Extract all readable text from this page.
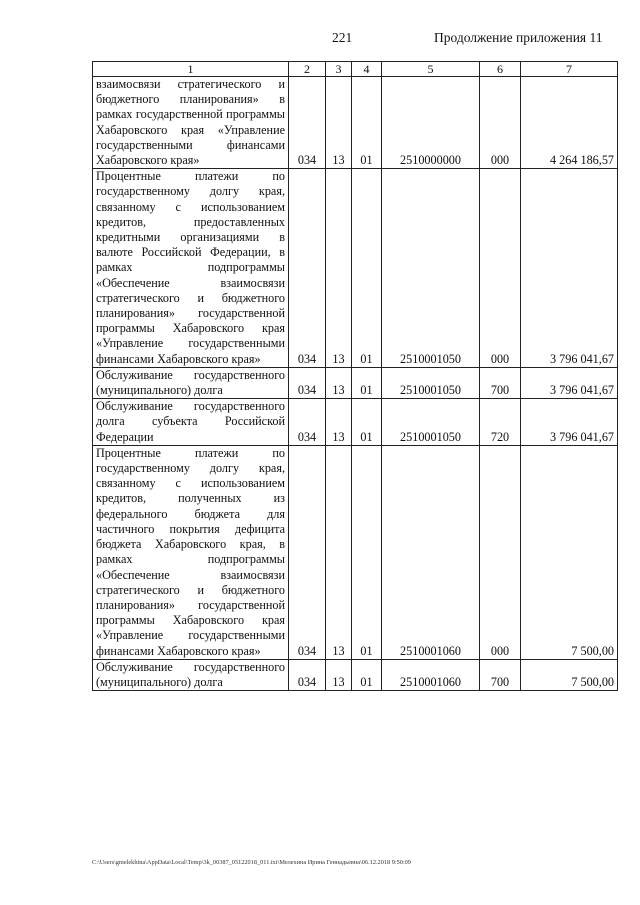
221	Продолжение приложения 11
1	2	3	4	5	6	7
взаимосвязи стратегического и бюджетного планирования» в рамках государственной программы Хабаровского края «Управление государственными финансами Хабаровского края»	034	13	01	2510000000	000	4 264 186,57
Процентные платежи по государственному долгу края, связанному с использованием кредитов, предоставленных кредитными организациями в валюте Российской Федерации, в рамках подпрограммы «Обеспечение взаимосвязи стратегического и бюджетного планирования» государственной программы Хабаровского края «Управление государственными финансами Хабаровского края»	034	13	01	2510001050	000	3 796 041,67
Обслуживание государственного (муниципального) долга	034	13	01	2510001050	700	3 796 041,67
Обслуживание государственного долга субъекта Российской Федерации	034	13	01	2510001050	720	3 796 041,67
Процентные платежи по государственному долгу края, связанному с использованием кредитов, полученных из федерального бюджета для частичного покрытия дефицита бюджета Хабаровского края, в рамках подпрограммы «Обеспечение взаимосвязи стратегического и бюджетного планирования» государственной программы Хабаровского края «Управление государственными финансами Хабаровского края»	034	13	01	2510001060	000	7 500,00
Обслуживание государственного (муниципального) долга	034	13	01	2510001060	700	7 500,00
C:\Users\gmelekhina\AppData\Local\Temp\3k_00387_05122018_011.txt\Мелехина Ирина Геннадьевна\06.12.2018 9:50:09
